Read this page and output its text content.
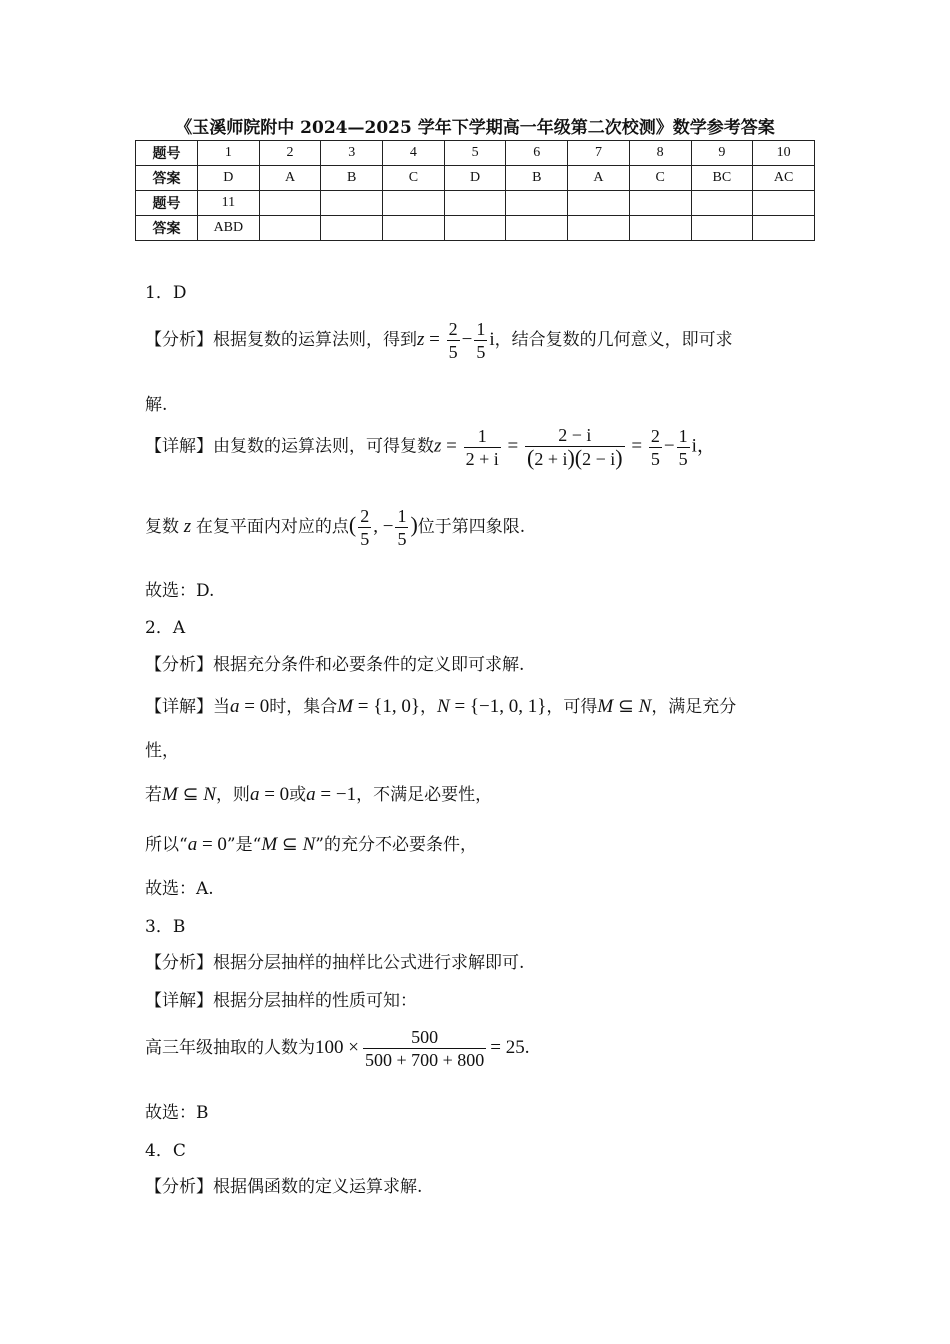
《玉溪师院附中 2024—2025 学年下学期高一年级第二次校测》数学参考答案
题号	1	2	3	4	5	6	7	8	9	10
答案	D	A	B	C	D	B	A	C	BC	AC
题号	11									
答案	ABD									
1．D
【分析】根据复数的运算法则，得到$z = \frac{2}{5} - \frac{1}{5}$ i，结合复数的几何意义，即可求
解.
【详解】由复数的运算法则，可得复数$z = \frac{1}{2 + i} = \frac{2 - i}{(2 + i)(2 - i)} = \frac{2}{5} - \frac{1}{5}$ i，
复数 z 在复平面内对应的点( $\frac{2}{5}$ , − $\frac{1}{5}$ )位于第四象限.
故选：D.
2．A
【分析】根据充分条件和必要条件的定义即可求解.
【详解】当a = 0时，集合M = {1, 0}，N = {−1, 0, 1}，可得M ⊆ N，满足充分
性，
若M ⊆ N，则a = 0或a = −1，不满足必要性，
所以“a = 0”是“M ⊆ N”的充分不必要条件，
故选：A.
3．B
【分析】根据分层抽样的抽样比公式进行求解即可.
【详解】根据分层抽样的性质可知：
高三年级抽取的人数为$100 \times \frac{500}{500 + 700 + 800} = 25$.
故选：B
4．C
【分析】根据偶函数的定义运算求解.
